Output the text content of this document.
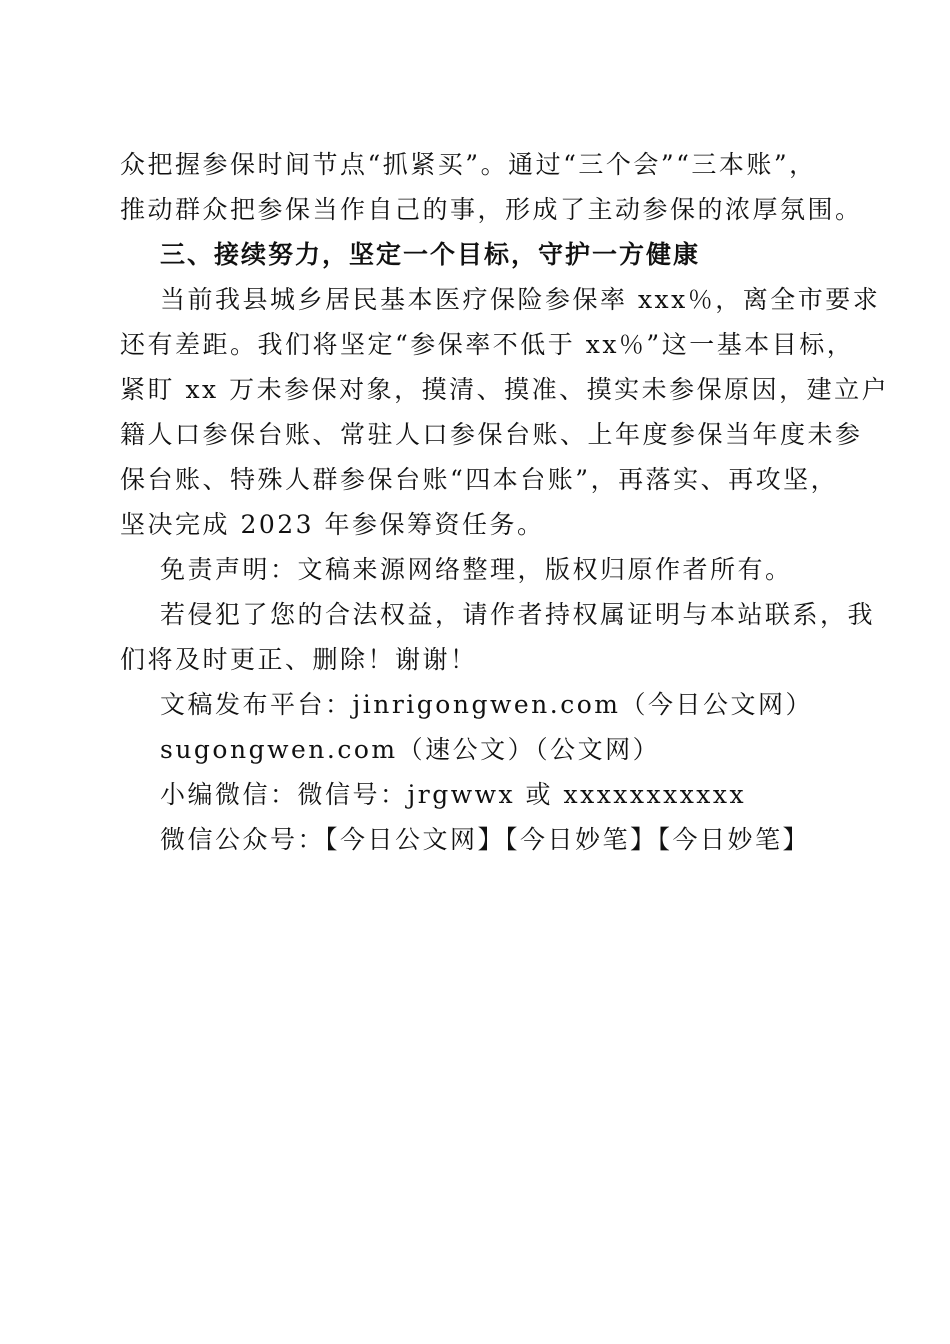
众把握参保时间节点“抓紧买”。通过“三个会”“三本账”，
推动群众把参保当作自己的事，形成了主动参保的浓厚氛围。
三、接续努力，坚定一个目标，守护一方健康
当前我县城乡居民基本医疗保险参保率 xxx％，离全市要求
还有差距。我们将坚定“参保率不低于 xx％”这一基本目标，
紧盯 xx 万未参保对象，摸清、摸准、摸实未参保原因，建立户
籍人口参保台账、常驻人口参保台账、上年度参保当年度未参
保台账、特殊人群参保台账“四本台账”，再落实、再攻坚，
坚决完成 2023 年参保筹资任务。
免责声明：文稿来源网络整理，版权归原作者所有。
若侵犯了您的合法权益，请作者持权属证明与本站联系，我
们将及时更正、删除！谢谢！
文稿发布平台：jinrigongwen.com（今日公文网）
sugongwen.com（速公文）（公文网）
小编微信：微信号：jrgwwx 或 xxxxxxxxxxx
微信公众号：【今日公文网】【今日妙笔】【今日妙笔】
